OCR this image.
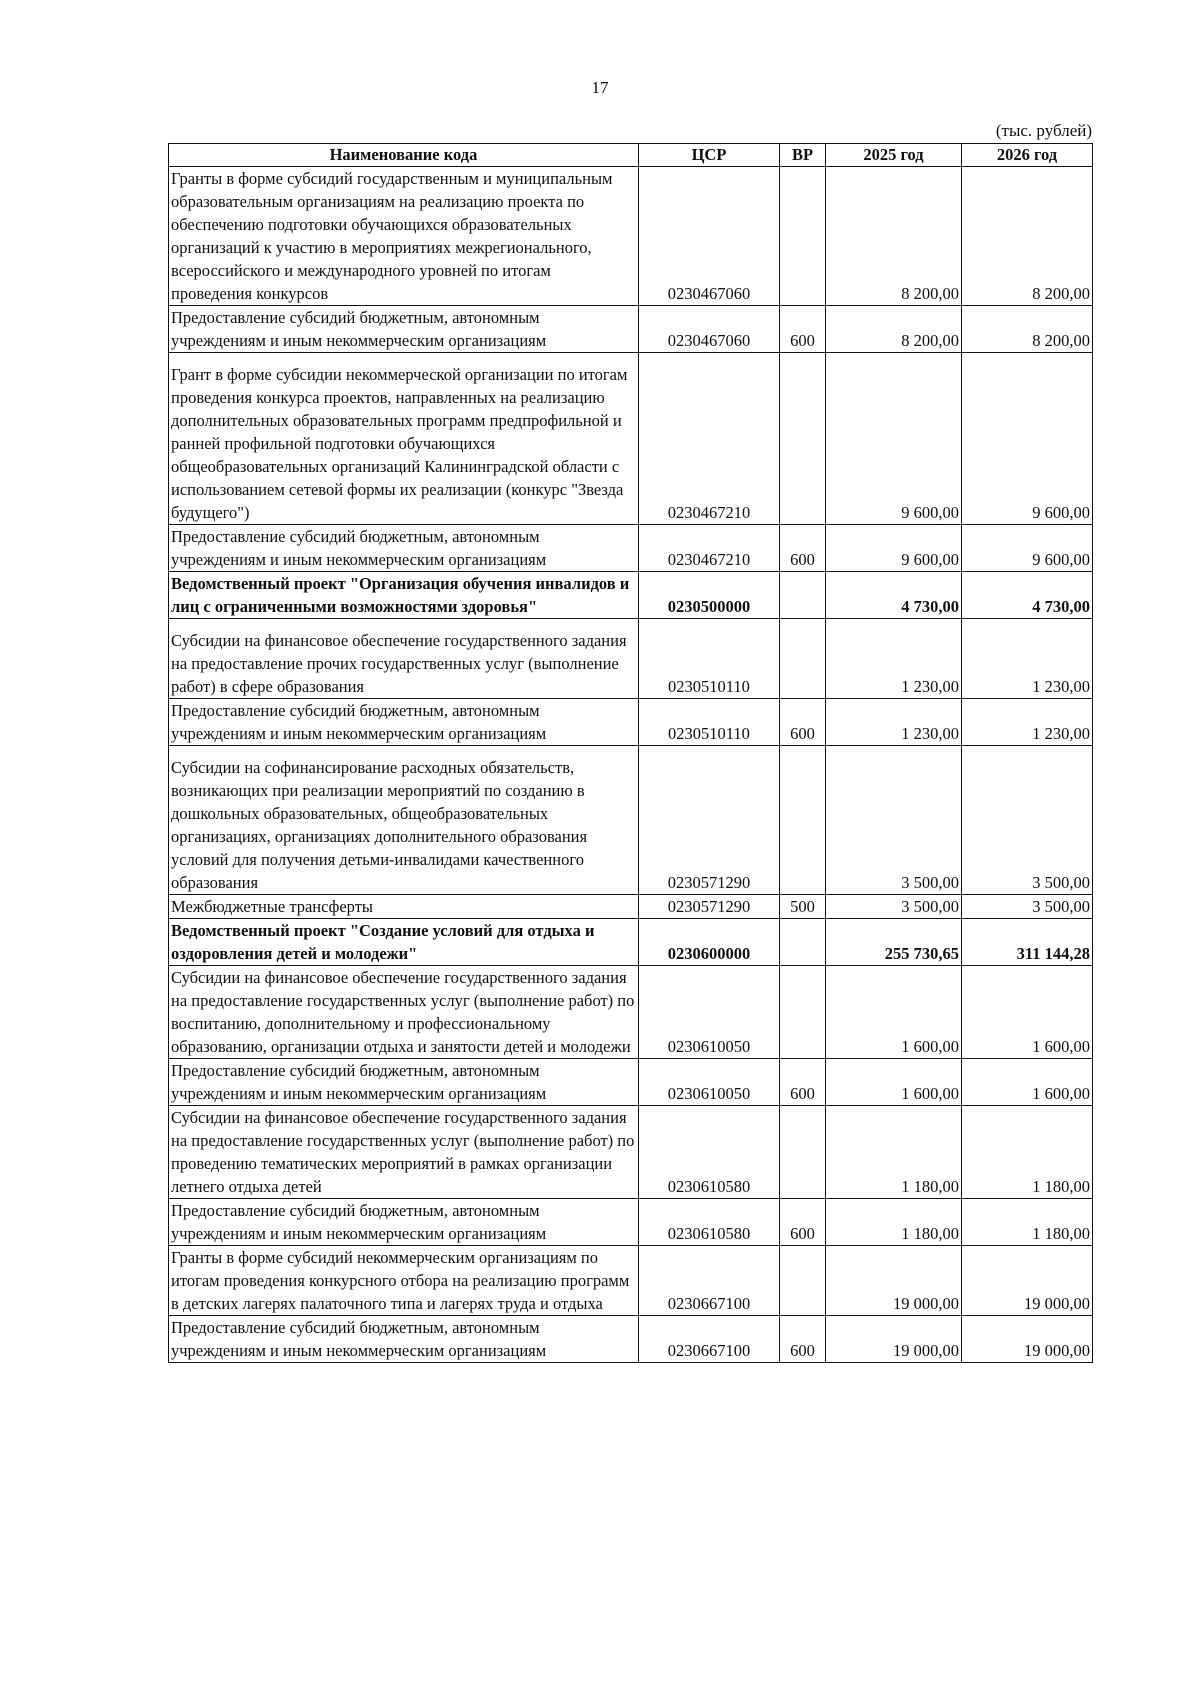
17
(тыс. рублей)
Наименование кода	ЦСР	ВР	2025 год	2026 год
Гранты в форме субсидий государственным и муниципальным образовательным организациям на реализацию проекта по обеспечению подготовки обучающихся образовательных организаций к участию в мероприятиях межрегионального, всероссийского и международного уровней по итогам проведения конкурсов	0230467060		8 200,00	8 200,00
Предоставление субсидий бюджетным, автономным учреждениям и иным некоммерческим организациям	0230467060	600	8 200,00	8 200,00
Грант в форме субсидии некоммерческой организации по итогам проведения конкурса проектов, направленных на реализацию дополнительных образовательных программ предпрофильной и ранней профильной подготовки обучающихся общеобразовательных организаций Калининградской области с использованием сетевой формы их реализации (конкурс "Звезда будущего")	0230467210		9 600,00	9 600,00
Предоставление субсидий бюджетным, автономным учреждениям и иным некоммерческим организациям	0230467210	600	9 600,00	9 600,00
Ведомственный проект "Организация обучения инвалидов и лиц с ограниченными возможностями здоровья"	0230500000		4 730,00	4 730,00
Субсидии на финансовое обеспечение государственного задания на предоставление прочих государственных услуг (выполнение работ) в сфере образования	0230510110		1 230,00	1 230,00
Предоставление субсидий бюджетным, автономным учреждениям и иным некоммерческим организациям	0230510110	600	1 230,00	1 230,00
Субсидии на софинансирование расходных обязательств, возникающих при реализации мероприятий по созданию в дошкольных образовательных, общеобразовательных организациях, организациях дополнительного образования условий для получения детьми-инвалидами качественного образования	0230571290		3 500,00	3 500,00
Межбюджетные трансферты	0230571290	500	3 500,00	3 500,00
Ведомственный проект "Создание условий для отдыха и оздоровления детей и молодежи"	0230600000		255 730,65	311 144,28
Субсидии на финансовое обеспечение государственного задания на предоставление государственных услуг (выполнение работ) по воспитанию, дополнительному и профессиональному образованию, организации отдыха и занятости детей и молодежи	0230610050		1 600,00	1 600,00
Предоставление субсидий бюджетным, автономным учреждениям и иным некоммерческим организациям	0230610050	600	1 600,00	1 600,00
Субсидии на финансовое обеспечение государственного задания на предоставление государственных услуг (выполнение работ) по проведению тематических мероприятий в рамках организации летнего отдыха детей	0230610580		1 180,00	1 180,00
Предоставление субсидий бюджетным, автономным учреждениям и иным некоммерческим организациям	0230610580	600	1 180,00	1 180,00
Гранты в форме субсидий некоммерческим организациям по итогам проведения конкурсного отбора на реализацию программ в детских лагерях палаточного типа и лагерях труда и отдыха	0230667100		19 000,00	19 000,00
Предоставление субсидий бюджетным, автономным учреждениям и иным некоммерческим организациям	0230667100	600	19 000,00	19 000,00
